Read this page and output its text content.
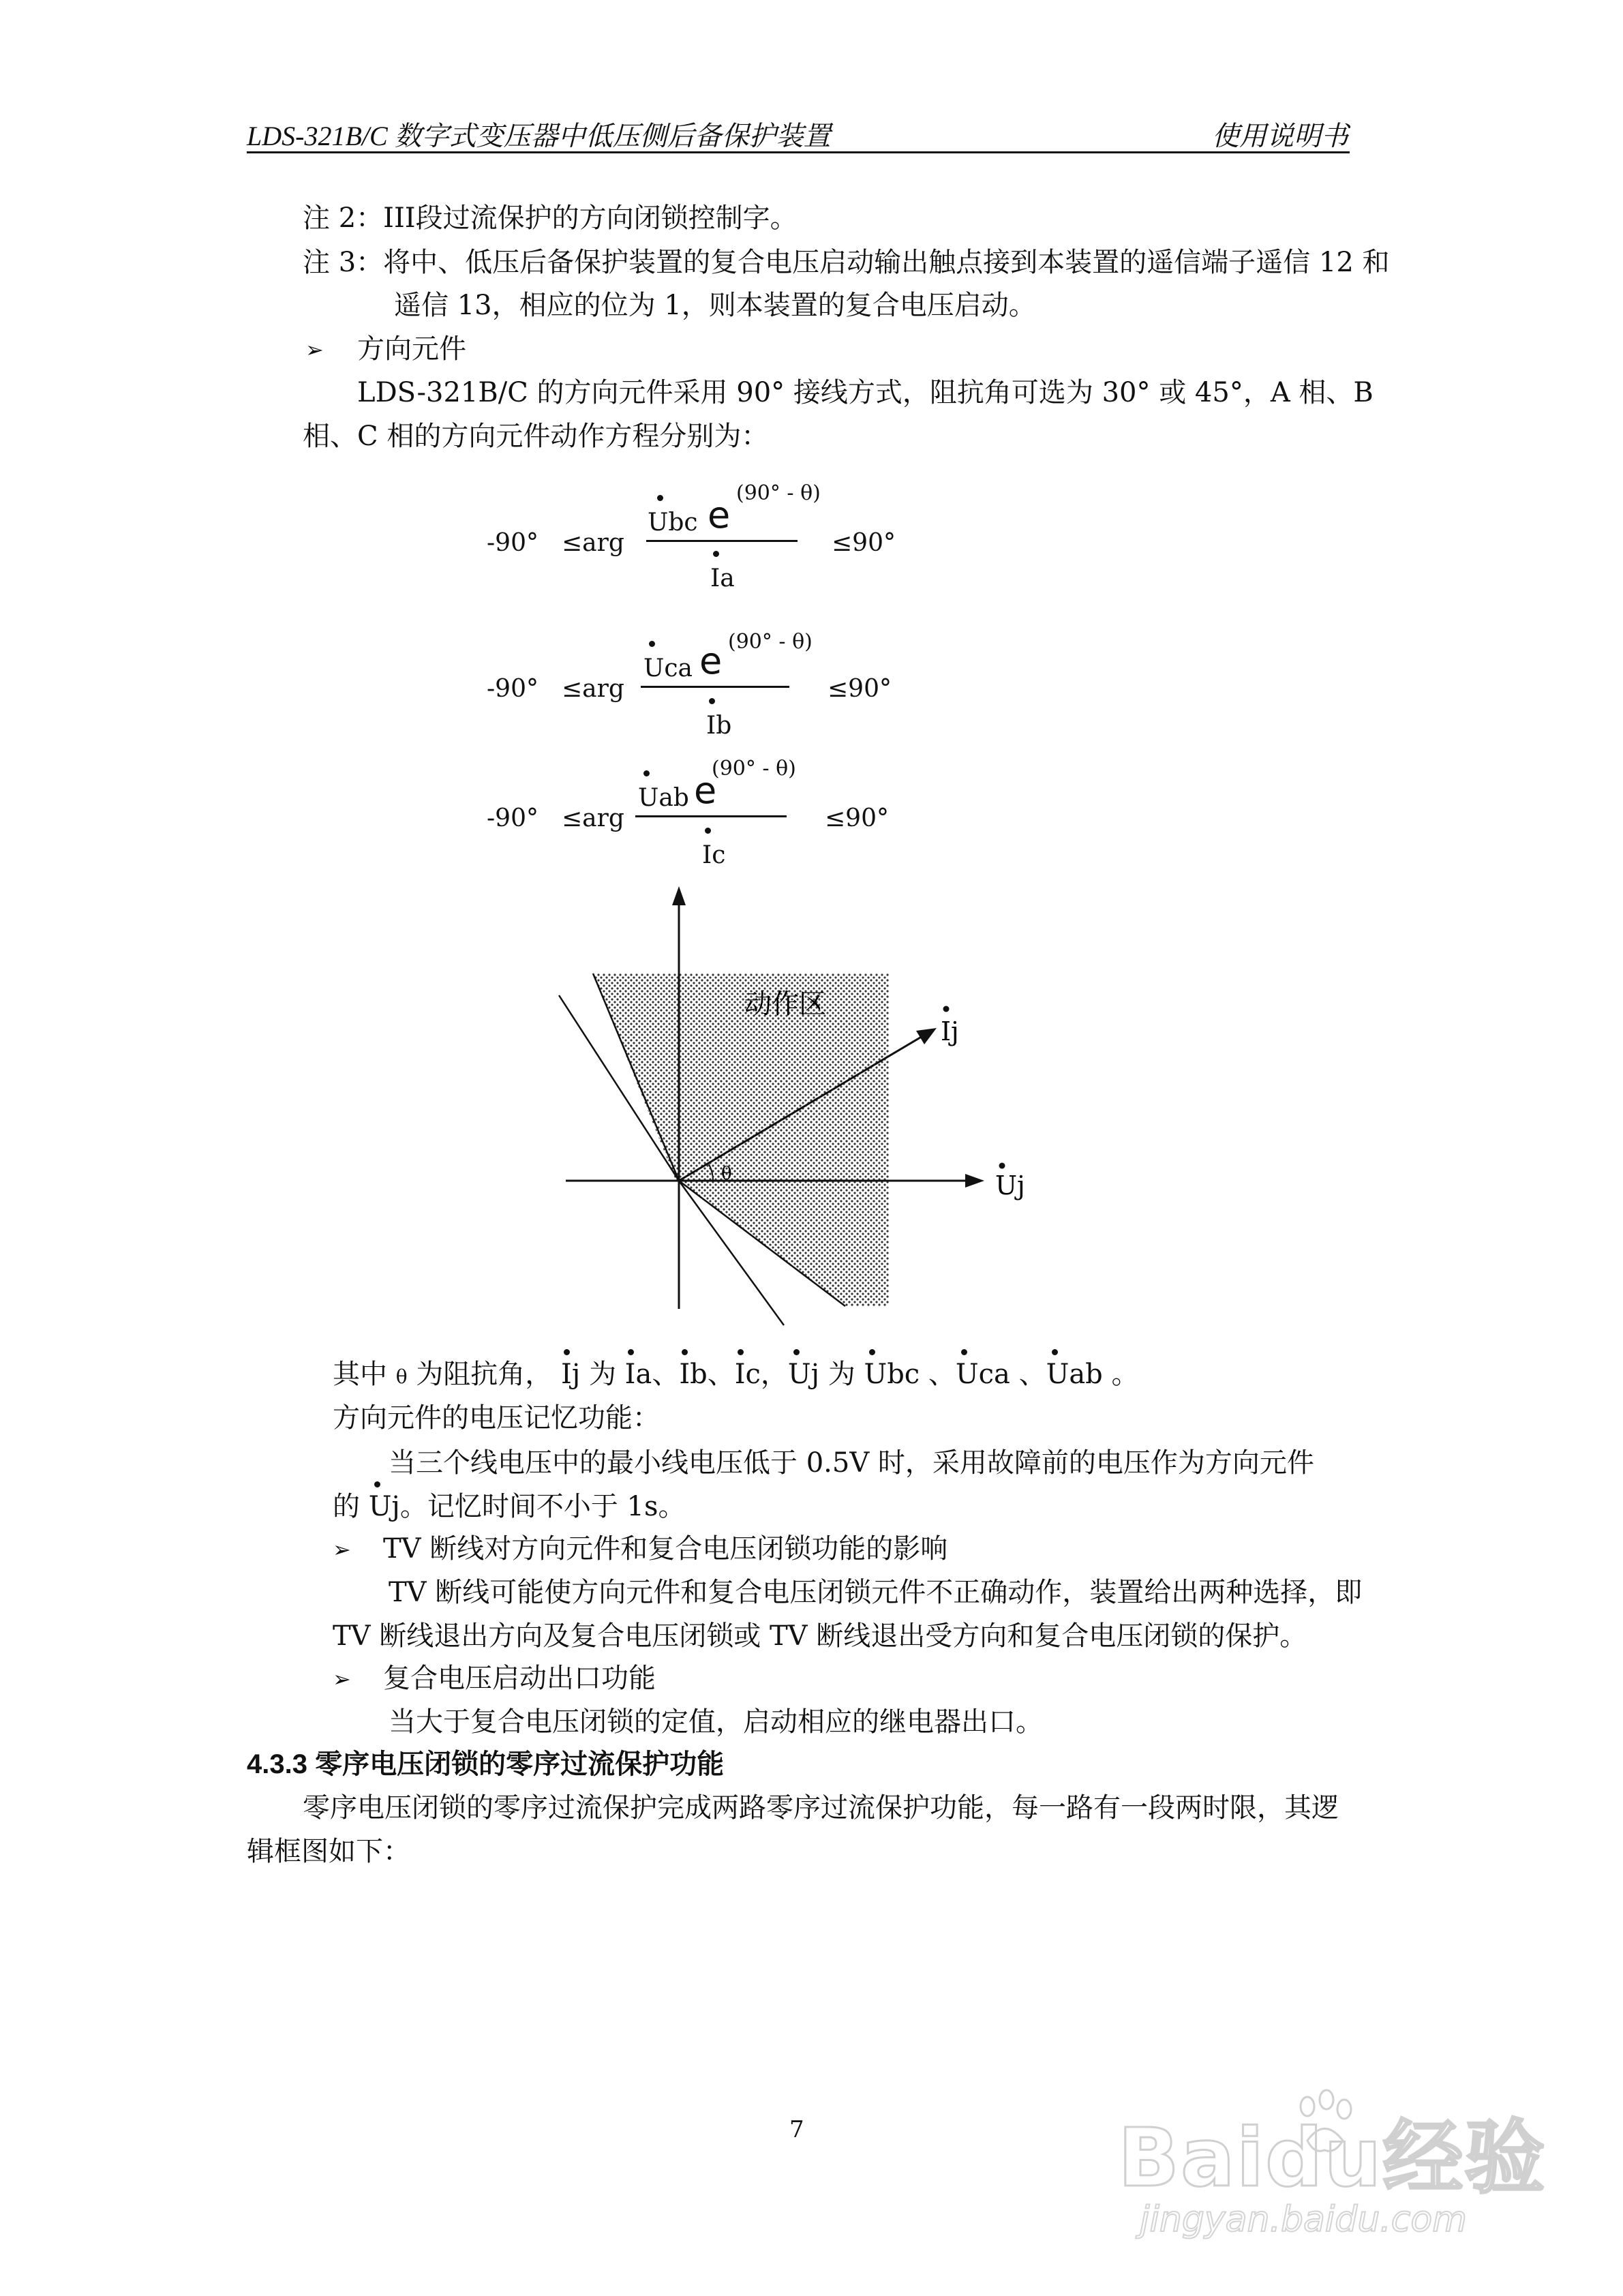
LDS-321B/C 数字式变压器中低压侧后备保护装置	使用说明书
注 2：III段过流保护的方向闭锁控制字。
注 3：将中、低压后备保护装置的复合电压启动输出触点接到本装置的遥信端子遥信 12 和
遥信 13，相应的位为 1，则本装置的复合电压启动。
➢ 方向元件
LDS-321B/C 的方向元件采用 90° 接线方式，阻抗角可选为 30° 或 45°，A 相、B
相、C 相的方向元件动作方程分别为：
-90° ≤arg
Ubc e
(90° - θ)
Ia
≤90°
-90° ≤arg
Uca e (90° - θ)
Ib
≤90°
-90° ≤arg
Uab e
(90° - θ)
Ic
≤90°
θ
动作区
Ij
Uj
其中 θ 为阻抗角， Ij 为 Ia、
Ib、
Ic，
Uj 为 Ubc 、
Uca 、
Uab 。
方向元件的电压记忆功能：
当三个线电压中的最小线电压低于 0.5V 时，采用故障前的电压作为方向元件
的 Uj。记忆时间不小于 1s。
➢ TV 断线对方向元件和复合电压闭锁功能的影响
TV 断线可能使方向元件和复合电压闭锁元件不正确动作，装置给出两种选择，即
TV 断线退出方向及复合电压闭锁或 TV 断线退出受方向和复合电压闭锁的保护。
➢ 复合电压启动出口功能
当大于复合电压闭锁的定值，启动相应的继电器出口。
4.3.3 零序电压闭锁的零序过流保护功能
零序电压闭锁的零序过流保护完成两路零序过流保护功能，每一路有一段两时限，其逻
辑框图如下：
7	Baidu经验
jingyan.baidu.com
